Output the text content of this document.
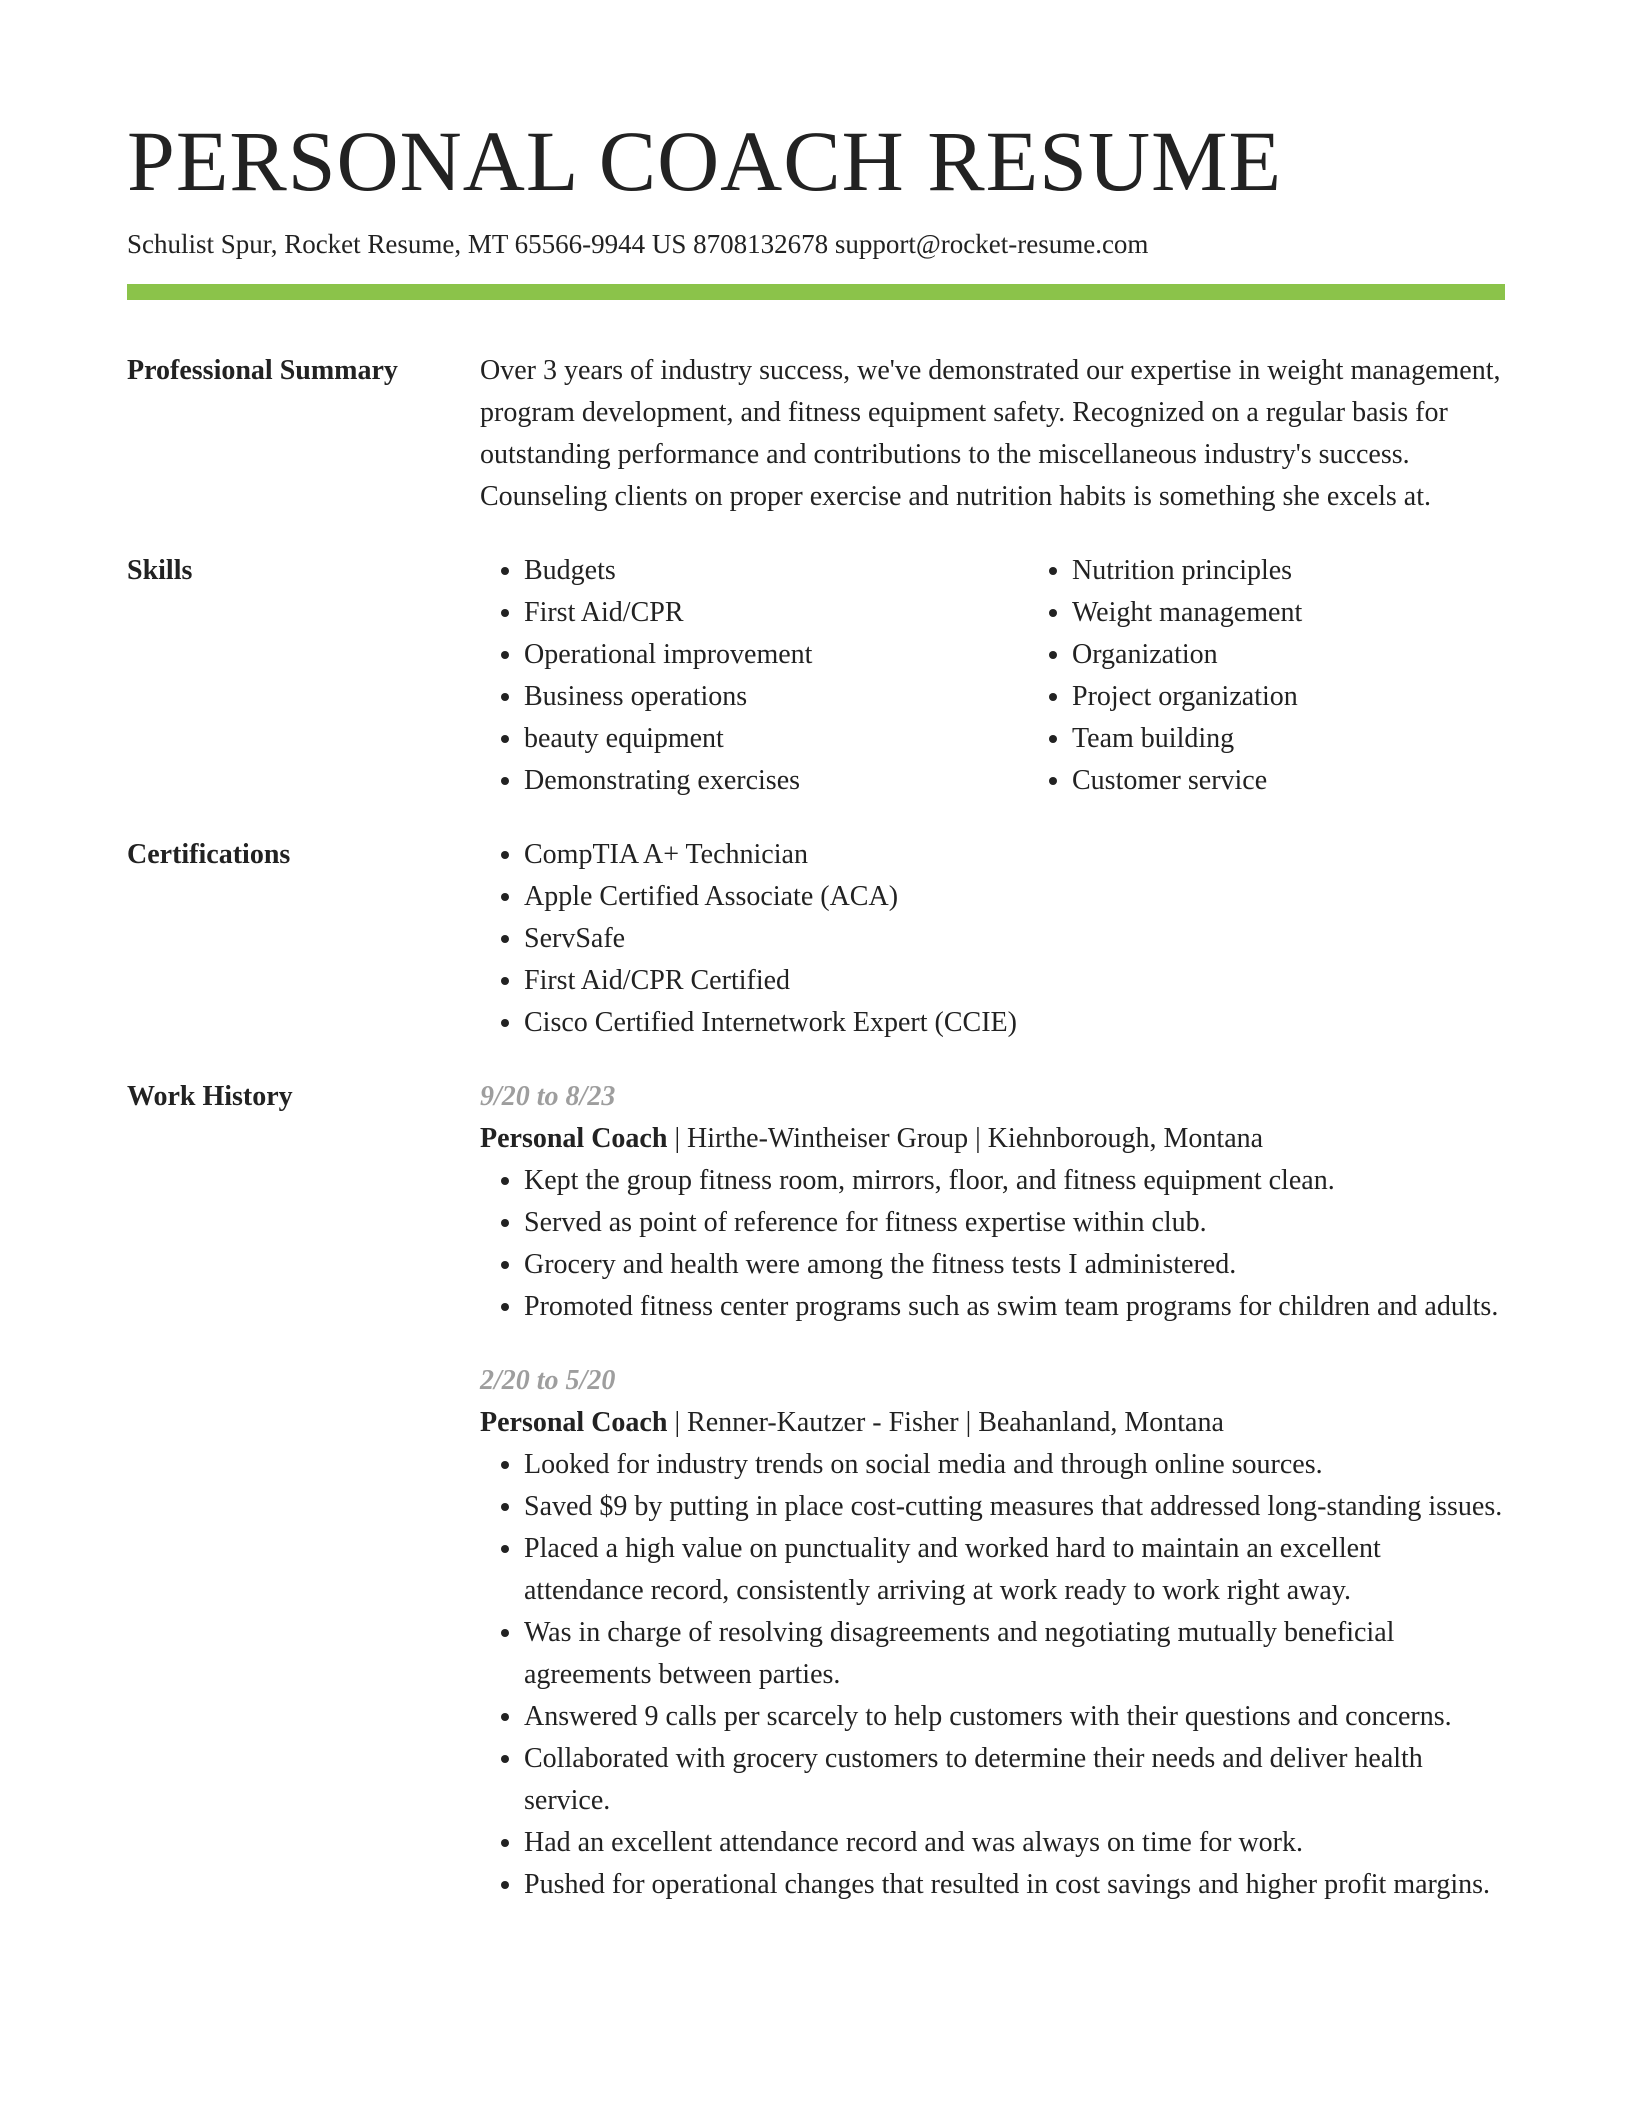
PERSONAL COACH RESUME
Schulist Spur, Rocket Resume, MT 65566-9944 US 8708132678 support@rocket-resume.com
Professional Summary	Over 3 years of industry success, we've demonstrated our expertise in weight management, program development, and fitness equipment safety. Recognized on a regular basis for outstanding performance and contributions to the miscellaneous industry's success. Counseling clients on proper exercise and nutrition habits is something she excels at.
Skills	• Budgets
• First Aid/CPR
• Operational improvement
• Business operations
• beauty equipment
• Demonstrating exercises
• Nutrition principles
• Weight management
• Organization
• Project organization
• Team building
• Customer service
Certifications	• CompTIA A+ Technician
• Apple Certified Associate (ACA)
• ServSafe
• First Aid/CPR Certified
• Cisco Certified Internetwork Expert (CCIE)
Work History	9/20 to 8/23
Personal Coach | Hirthe-Wintheiser Group | Kiehnborough, Montana
• Kept the group fitness room, mirrors, floor, and fitness equipment clean.
• Served as point of reference for fitness expertise within club.
• Grocery and health were among the fitness tests I administered.
• Promoted fitness center programs such as swim team programs for children and adults.
2/20 to 5/20
Personal Coach | Renner-Kautzer - Fisher | Beahanland, Montana
• Looked for industry trends on social media and through online sources.
• Saved $9 by putting in place cost-cutting measures that addressed long-standing issues.
• Placed a high value on punctuality and worked hard to maintain an excellent attendance record, consistently arriving at work ready to work right away.
• Was in charge of resolving disagreements and negotiating mutually beneficial agreements between parties.
• Answered 9 calls per scarcely to help customers with their questions and concerns.
• Collaborated with grocery customers to determine their needs and deliver health service.
• Had an excellent attendance record and was always on time for work.
• Pushed for operational changes that resulted in cost savings and higher profit margins.
